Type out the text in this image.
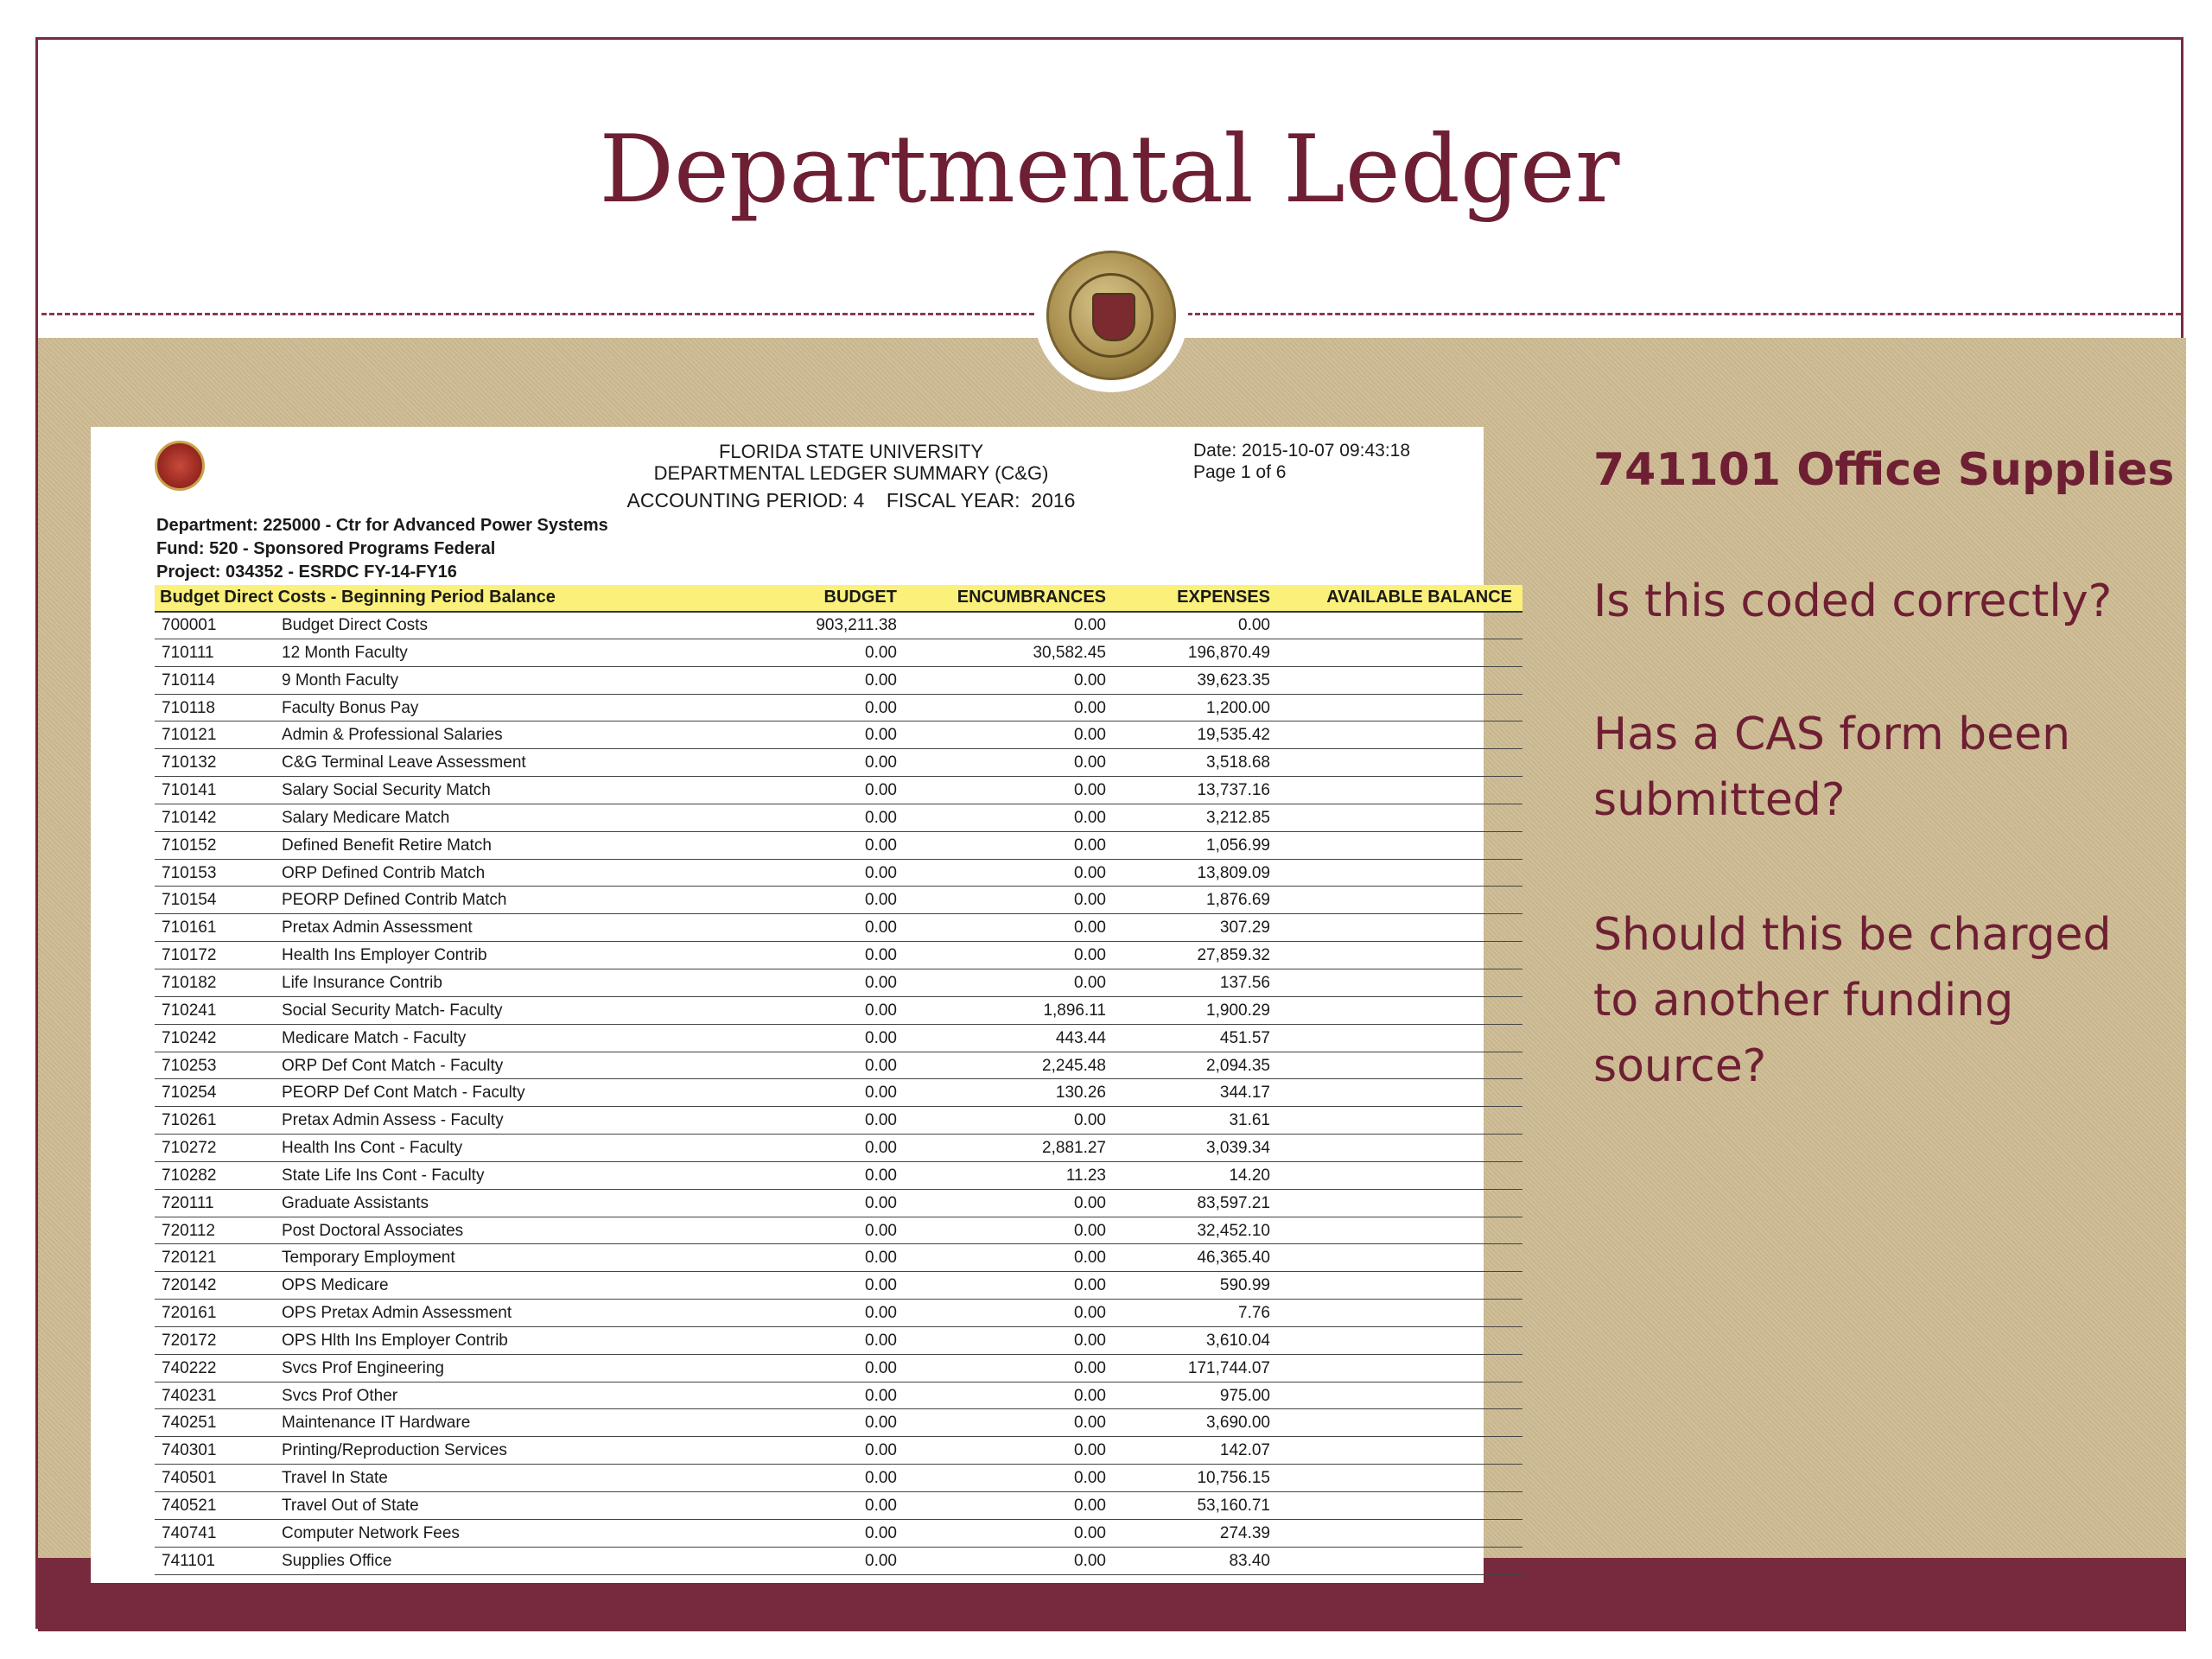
Departmental Ledger
FLORIDA STATE UNIVERSITY
DEPARTMENTAL LEDGER SUMMARY (C&G)
ACCOUNTING PERIOD: 4    FISCAL YEAR:  2016
Date: 2015-10-07 09:43:18
Page 1 of 6
Department: 225000 - Ctr for Advanced Power Systems
Fund: 520 - Sponsored Programs Federal
Project: 034352 - ESRDC FY-14-FY16
Budget Direct Costs - Beginning Period Balance	BUDGET	ENCUMBRANCES	EXPENSES	AVAILABLE BALANCE
700001	Budget Direct Costs	903,211.38	0.00	0.00
710111	12 Month Faculty	0.00	30,582.45	196,870.49
710114	9 Month Faculty	0.00	0.00	39,623.35
710118	Faculty Bonus Pay	0.00	0.00	1,200.00
710121	Admin & Professional Salaries	0.00	0.00	19,535.42
710132	C&G Terminal Leave Assessment	0.00	0.00	3,518.68
710141	Salary Social Security Match	0.00	0.00	13,737.16
710142	Salary Medicare Match	0.00	0.00	3,212.85
710152	Defined Benefit Retire Match	0.00	0.00	1,056.99
710153	ORP Defined Contrib Match	0.00	0.00	13,809.09
710154	PEORP Defined Contrib Match	0.00	0.00	1,876.69
710161	Pretax Admin Assessment	0.00	0.00	307.29
710172	Health Ins Employer Contrib	0.00	0.00	27,859.32
710182	Life Insurance Contrib	0.00	0.00	137.56
710241	Social Security Match- Faculty	0.00	1,896.11	1,900.29
710242	Medicare Match - Faculty	0.00	443.44	451.57
710253	ORP Def Cont Match - Faculty	0.00	2,245.48	2,094.35
710254	PEORP Def Cont Match - Faculty	0.00	130.26	344.17
710261	Pretax Admin Assess - Faculty	0.00	0.00	31.61
710272	Health Ins Cont - Faculty	0.00	2,881.27	3,039.34
710282	State Life Ins Cont - Faculty	0.00	11.23	14.20
720111	Graduate Assistants	0.00	0.00	83,597.21
720112	Post Doctoral Associates	0.00	0.00	32,452.10
720121	Temporary Employment	0.00	0.00	46,365.40
720142	OPS Medicare	0.00	0.00	590.99
720161	OPS Pretax Admin Assessment	0.00	0.00	7.76
720172	OPS Hlth Ins Employer Contrib	0.00	0.00	3,610.04
740222	Svcs Prof Engineering	0.00	0.00	171,744.07
740231	Svcs Prof Other	0.00	0.00	975.00
740251	Maintenance IT Hardware	0.00	0.00	3,690.00
740301	Printing/Reproduction Services	0.00	0.00	142.07
740501	Travel In State	0.00	0.00	10,756.15
740521	Travel Out of State	0.00	0.00	53,160.71
740741	Computer Network Fees	0.00	0.00	274.39
741101	Supplies Office	0.00	0.00	83.40
741101 Office Supplies
Is this coded correctly?
Has a CAS form been
submitted?
Should this be charged
to another funding
source?
